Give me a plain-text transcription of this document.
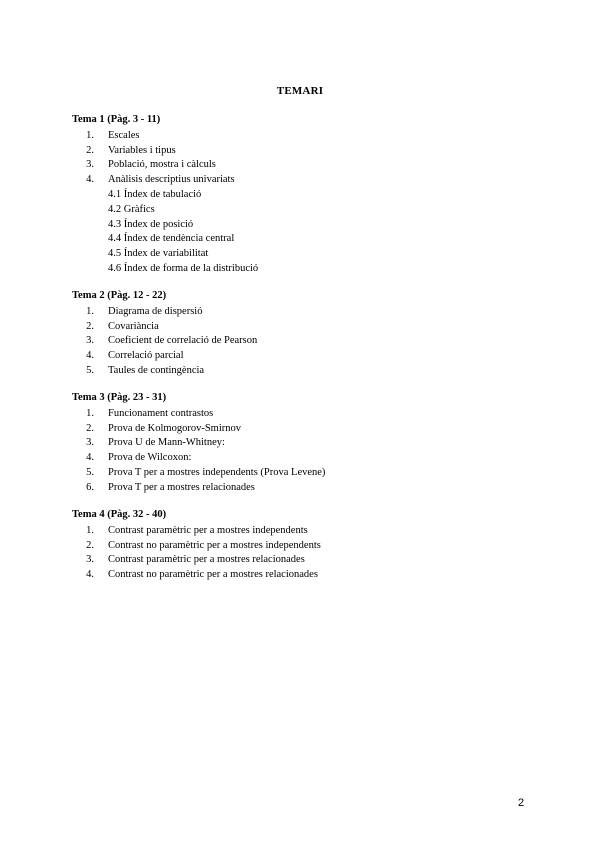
TEMARI
Tema 1 (Pàg. 3 - 11)
1. Escales
2. Variables i tipus
3. Població, mostra i càlculs
4. Anàlisis descriptius univariats
4.1 Índex de tabulació
4.2 Gràfics
4.3 Índex de posició
4.4 Índex de tendència central
4.5 Índex de variabilitat
4.6 Índex de forma de la distribució
Tema 2 (Pàg. 12 - 22)
1. Diagrama de dispersió
2. Covariància
3. Coeficient de correlació de Pearson
4. Correlació parcial
5. Taules de contingència
Tema 3 (Pàg. 23 - 31)
1. Funcionament contrastos
2. Prova de Kolmogorov-Smirnov
3. Prova U de Mann-Whitney:
4. Prova de Wilcoxon:
5. Prova T per a mostres independents (Prova Levene)
6. Prova T per a mostres relacionades
Tema 4 (Pàg. 32 - 40)
1. Contrast paramètric per a mostres independents
2. Contrast no paramètric per a mostres independents
3. Contrast paramètric per a mostres relacionades
4. Contrast no paramètric per a mostres relacionades
2
